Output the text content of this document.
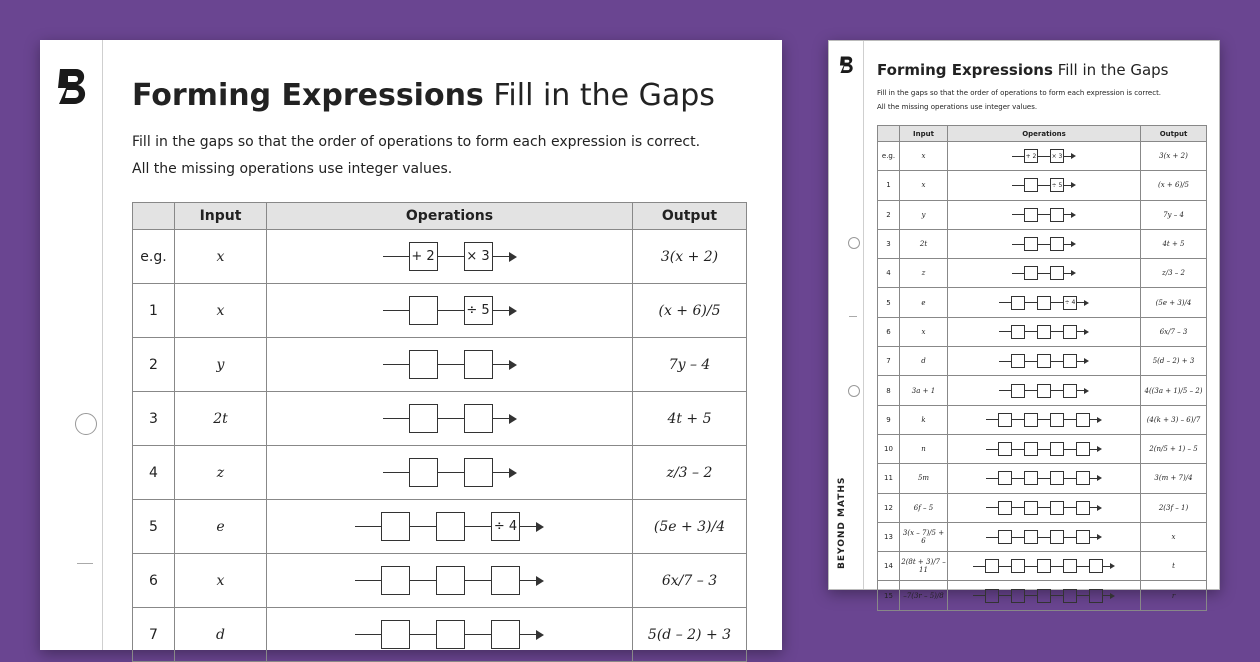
Forming Expressions Fill in the Gaps
Fill in the gaps so that the order of operations to form each expression is correct.
All the missing operations use integer values.
	Input	Operations	Output
e.g.	x	+ 2 × 3	3(x + 2)
1	x	÷ 5	(x + 6)/5
2	y		7y – 4
3	2t		4t + 5
4	z		z/3 – 2
5	e	÷ 4	(5e + 3)/4
6	x		6x/7 – 3
7	d		5(d – 2) + 3
Forming Expressions Fill in the Gaps
Fill in the gaps so that the order of operations to form each expression is correct.
All the missing operations use integer values.
	Input	Operations	Output
e.g.	x	+ 2 × 3	3(x + 2)
1	x	÷ 5	(x + 6)/5
2	y		7y – 4
3	2t		4t + 5
4	z		z/3 – 2
5	e	÷ 4	(5e + 3)/4
6	x		6x/7 – 3
7	d		5(d – 2) + 3
8	3a + 1		4((3a + 1)/5 – 2)
9	k		(4(k + 3) – 6)/7
10	n		2(n/5 + 1) – 5
11	5m		3(m + 7)/4
12	6f – 5		2(3f – 1)
13	3(x – 7)/5 + 6		x
14	2(8t + 3)/7 – 11		t
15	–7(3r – 5)/8		r
BEYOND MATHS
